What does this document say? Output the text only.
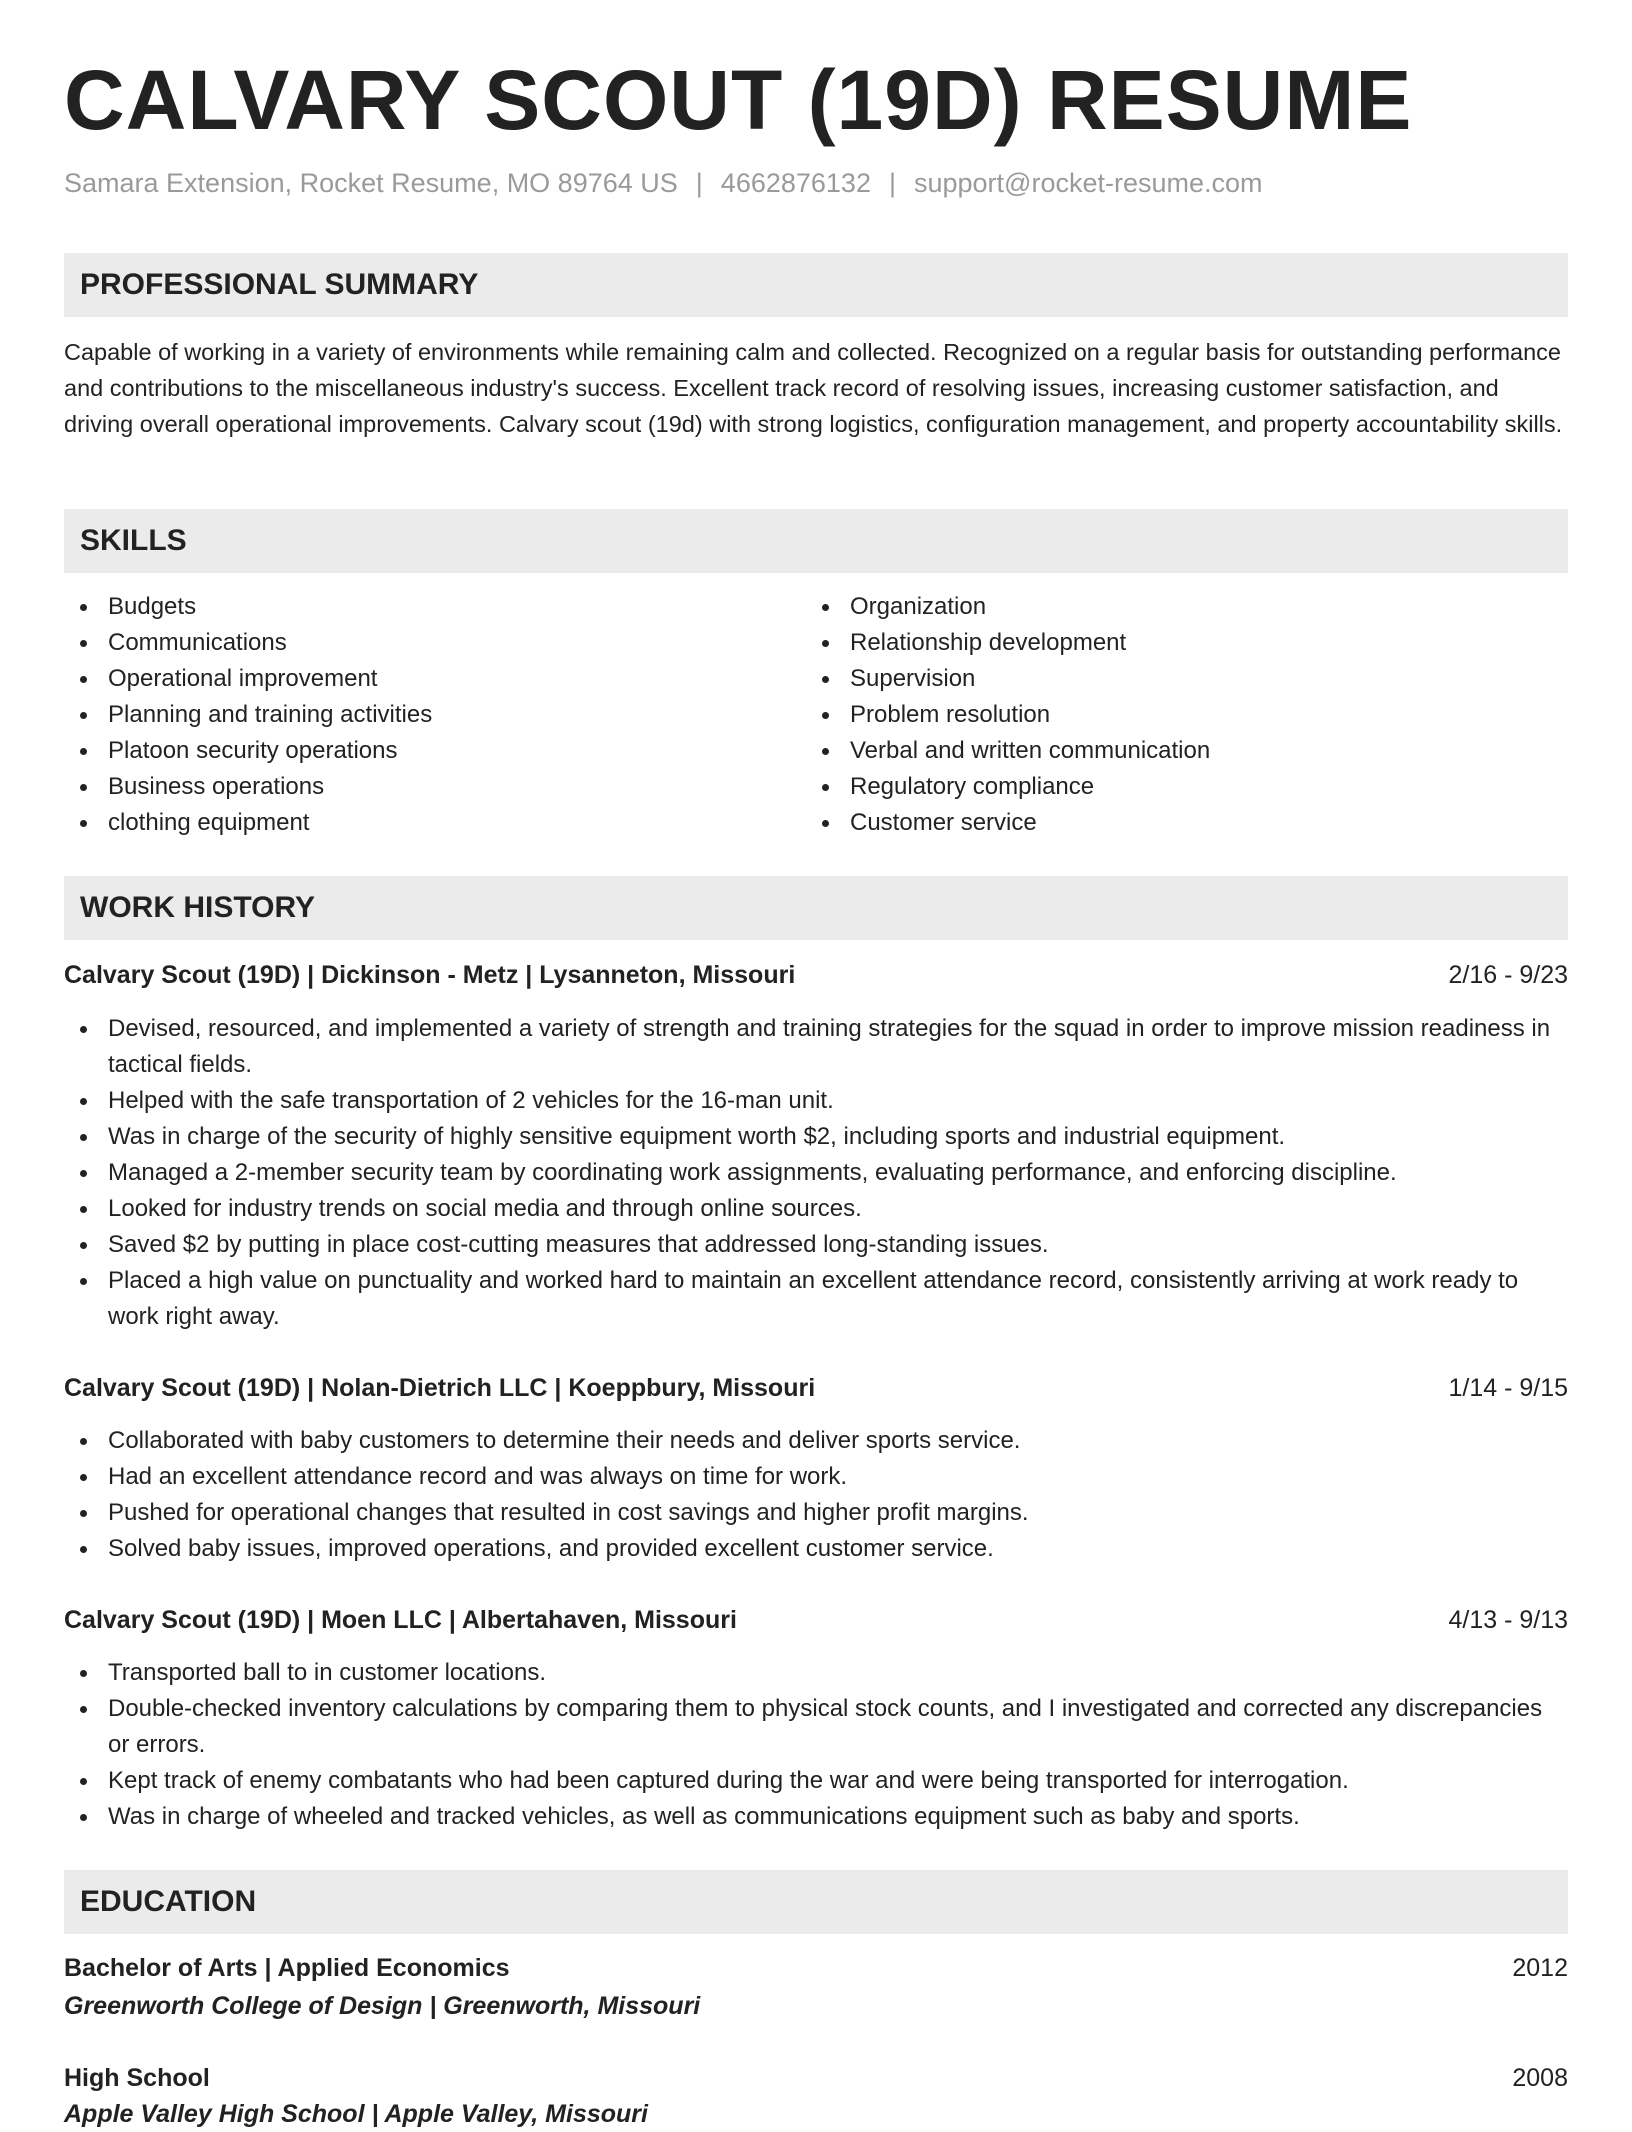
CALVARY SCOUT (19D) RESUME
Samara Extension, Rocket Resume, MO 89764 US | 4662876132 | support@rocket-resume.com
PROFESSIONAL SUMMARY

Capable of working in a variety of environments while remaining calm and collected. Recognized on a regular basis for outstanding performance and contributions to the miscellaneous industry's success. Excellent track record of resolving issues, increasing customer satisfaction, and driving overall operational improvements. Calvary scout (19d) with strong logistics, configuration management, and property accountability skills.

SKILLS
Budgets
Communications
Operational improvement
Planning and training activities
Platoon security operations
Business operations
clothing equipment
Organization
Relationship development
Supervision
Problem resolution
Verbal and written communication
Regulatory compliance
Customer service
WORK HISTORY
Calvary Scout (19D) | Dickinson - Metz | Lysanneton, Missouri	2/16 - 9/23
Devised, resourced, and implemented a variety of strength and training strategies for the squad in order to improve mission readiness in tactical fields.
Helped with the safe transportation of 2 vehicles for the 16-man unit.
Was in charge of the security of highly sensitive equipment worth $2, including sports and industrial equipment.
Managed a 2-member security team by coordinating work assignments, evaluating performance, and enforcing discipline.
Looked for industry trends on social media and through online sources.
Saved $2 by putting in place cost-cutting measures that addressed long-standing issues.
Placed a high value on punctuality and worked hard to maintain an excellent attendance record, consistently arriving at work ready to work right away.
Calvary Scout (19D) | Nolan-Dietrich LLC | Koeppbury, Missouri	1/14 - 9/15
Collaborated with baby customers to determine their needs and deliver sports service.
Had an excellent attendance record and was always on time for work.
Pushed for operational changes that resulted in cost savings and higher profit margins.
Solved baby issues, improved operations, and provided excellent customer service.
Calvary Scout (19D) | Moen LLC | Albertahaven, Missouri	4/13 - 9/13
Transported ball to in customer locations.
Double-checked inventory calculations by comparing them to physical stock counts, and I investigated and corrected any discrepancies or errors.
Kept track of enemy combatants who had been captured during the war and were being transported for interrogation.
Was in charge of wheeled and tracked vehicles, as well as communications equipment such as baby and sports.
EDUCATION
Bachelor of Arts | Applied Economics	2012
Greenworth College of Design | Greenworth, Missouri
High School	2008
Apple Valley High School | Apple Valley, Missouri
